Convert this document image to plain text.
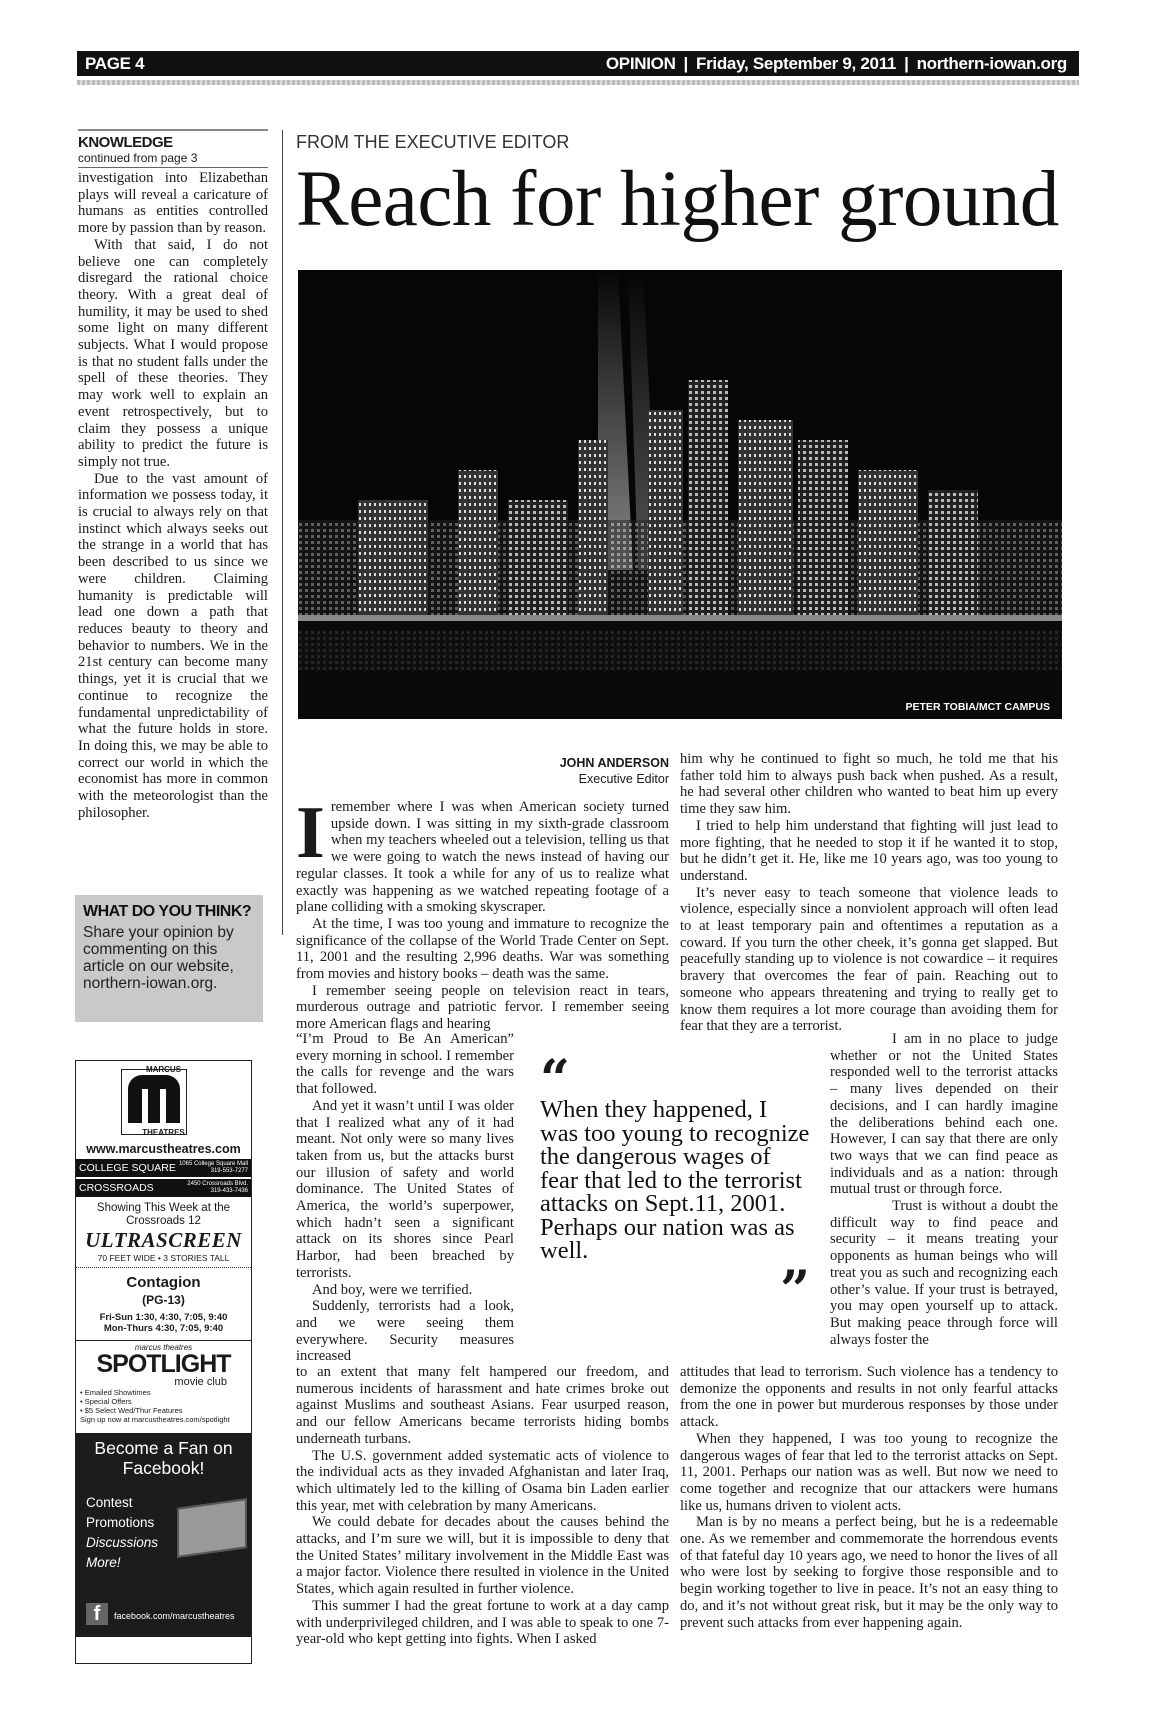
PAGE 4	OPINION | Friday, September 9, 2011 | northern-iowan.org
KNOWLEDGE
continued from page 3

investigation into Elizabethan plays will reveal a caricature of humans as entities controlled more by passion than by reason.

With that said, I do not believe one can completely disregard the rational choice theory. With a great deal of humility, it may be used to shed some light on many different subjects. What I would propose is that no student falls under the spell of these theories. They may work well to explain an event retrospectively, but to claim they possess a unique ability to predict the future is simply not true.

Due to the vast amount of information we possess today, it is crucial to always rely on that instinct which always seeks out the strange in a world that has been described to us since we were children. Claiming humanity is predictable will lead one down a path that reduces beauty to theory and behavior to numbers. We in the 21st century can become many things, yet it is crucial that we continue to recognize the fundamental unpredictability of what the future holds in store. In doing this, we may be able to correct our world in which the economist has more in common with the meteorologist than the philosopher.

WHAT DO YOU THINK?
Share your opinion by commenting on this article on our website, northern-iowan.org.
MARCUS
THEATRES
www.marcustheatres.com
COLLEGE SQUARE 1065 College Square Mall
319-553-7277
CROSSROADS	2450 Crossroads Blvd.
319-433-7436
Showing This Week at the Crossroads 12
ULTRASCREEN
70 FEET WIDE • 3 STORIES TALL
Contagion
(PG-13)
Fri-Sun 1:30, 4:30, 7:05, 9:40
Mon-Thurs 4:30, 7:05, 9:40
marcus theatres
SPOTLIGHT
movie club
• Emailed Showtimes
• Special Offers
• $5 Select Wed/Thur Features
Sign up now at marcustheatres.com/spotlight
Become a Fan on Facebook!
Contest
Promotions
Discussions
More!
f	facebook.com/marcustheatres
FROM THE EXECUTIVE EDITOR
Reach for higher ground
PETER TOBIA/MCT CAMPUS
JOHN ANDERSON
Executive Editor
I remember where I was when American society turned upside down. I was sitting in my sixth-grade classroom when my teachers wheeled out a television, telling us that we were going to watch the news instead of having our regular classes. It took a while for any of us to realize what exactly was happening as we watched repeating footage of a plane colliding with a smoking skyscraper.

At the time, I was too young and immature to recognize the significance of the collapse of the World Trade Center on Sept. 11, 2001 and the resulting 2,996 deaths. War was something from movies and history books – death was the same.

I remember seeing people on television react in tears, murderous outrage and patriotic fervor. I remember seeing more American flags and hearing

“I’m Proud to Be An American” every morning in school. I remember the calls for revenge and the wars that followed.

And yet it wasn’t until I was older that I realized what any of it had meant. Not only were so many lives taken from us, but the attacks burst our illusion of safety and world dominance. The United States of America, the world’s superpower, which hadn’t seen a significant attack on its shores since Pearl Harbor, had been breached by terrorists.

And boy, were we terrified.

Suddenly, terrorists had a look, and we were seeing them everywhere. Security measures increased

to an extent that many felt hampered our freedom, and numerous incidents of harassment and hate crimes broke out against Muslims and southeast Asians. Fear usurped reason, and our fellow Americans became terrorists hiding bombs underneath turbans.

The U.S. government added systematic acts of violence to the individual acts as they invaded Afghanistan and later Iraq, which ultimately led to the killing of Osama bin Laden earlier this year, met with celebration by many Americans.

We could debate for decades about the causes behind the attacks, and I’m sure we will, but it is impossible to deny that the United States’ military involvement in the Middle East was a major factor. Violence there resulted in violence in the United States, which again resulted in further violence.

This summer I had the great fortune to work at a day camp with underprivileged children, and I was able to speak to one 7-year-old who kept getting into fights. When I asked

him why he continued to fight so much, he told me that his father told him to always push back when pushed. As a result, he had several other children who wanted to beat him up every time they saw him.

I tried to help him understand that fighting will just lead to more fighting, that he needed to stop it if he wanted it to stop, but he didn’t get it. He, like me 10 years ago, was too young to understand.

It’s never easy to teach someone that violence leads to violence, especially since a nonviolent approach will often lead to at least temporary pain and oftentimes a reputation as a coward. If you turn the other cheek, it’s gonna get slapped. But peacefully standing up to violence is not cowardice – it requires bravery that overcomes the fear of pain. Reaching out to someone who appears threatening and trying to really get to know them requires a lot more courage than avoiding them for fear that they are a terrorist.

I am in no place to judge whether or not the United States responded well to the terrorist attacks – many lives depended on their decisions, and I can hardly imagine the deliberations behind each one. However, I can say that there are only two ways that we can find peace as individuals and as a nation: through mutual trust or through force.

Trust is without a doubt the difficult way to find peace and security – it means treating your opponents as human beings who will treat you as such and recognizing each other’s value. If your trust is betrayed, you may open yourself up to attack. But making peace through force will always foster the

attitudes that lead to terrorism. Such violence has a tendency to demonize the opponents and results in not only fearful attacks from the one in power but murderous responses by those under attack.

When they happened, I was too young to recognize the dangerous wages of fear that led to the terrorist attacks on Sept. 11, 2001. Perhaps our nation was as well. But now we need to come together and recognize that our attackers were humans like us, humans driven to violent acts.

Man is by no means a perfect being, but he is a redeemable one. As we remember and commemorate the horrendous events of that fateful day 10 years ago, we need to honor the lives of all who were lost by seeking to forgive those responsible and to begin working together to live in peace. It’s not an easy thing to do, and it’s not without great risk, but it may be the only way to prevent such attacks from ever happening again.

“
When they happened, I was too young to recognize the dangerous wages of fear that led to the terrorist attacks on Sept.11, 2001. Perhaps our nation was as well.
”
